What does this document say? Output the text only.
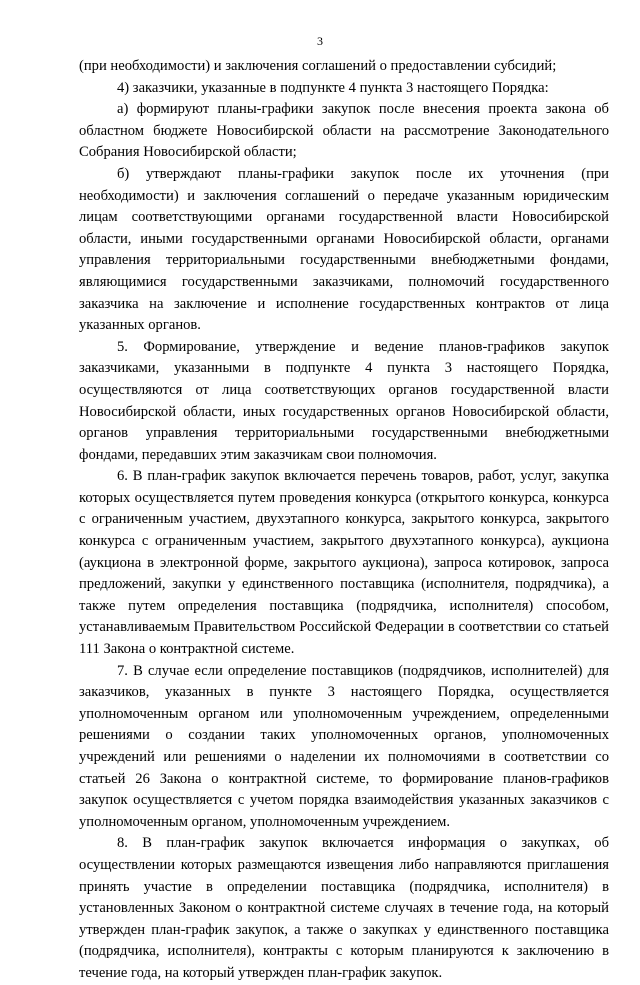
3

(при необходимости) и заключения соглашений о предоставлении субсидий;

4) заказчики, указанные в подпункте 4 пункта 3 настоящего Порядка:

а) формируют планы-графики закупок после внесения проекта закона об областном бюджете Новосибирской области на рассмотрение Законодательного Собрания Новосибирской области;

б) утверждают планы-графики закупок после их уточнения (при необходимости) и заключения соглашений о передаче указанным юридическим лицам соответствующими органами государственной власти Новосибирской области, иными государственными органами Новосибирской области, органами управления территориальными государственными внебюджетными фондами, являющимися государственными заказчиками, полномочий государственного заказчика на заключение и исполнение государственных контрактов от лица указанных органов.

5. Формирование, утверждение и ведение планов-графиков закупок заказчиками, указанными в подпункте 4 пункта 3 настоящего Порядка, осуществляются от лица соответствующих органов государственной власти Новосибирской области, иных государственных органов Новосибирской области, органов управления территориальными государственными внебюджетными фондами, передавших этим заказчикам свои полномочия.

6. В план-график закупок включается перечень товаров, работ, услуг, закупка которых осуществляется путем проведения конкурса (открытого конкурса, конкурса с ограниченным участием, двухэтапного конкурса, закрытого конкурса, закрытого конкурса с ограниченным участием, закрытого двухэтапного конкурса), аукциона (аукциона в электронной форме, закрытого аукциона), запроса котировок, запроса предложений, закупки у единственного поставщика (исполнителя, подрядчика), а также путем определения поставщика (подрядчика, исполнителя) способом, устанавливаемым Правительством Российской Федерации в соответствии со статьей 111 Закона о контрактной системе.

7. В случае если определение поставщиков (подрядчиков, исполнителей) для заказчиков, указанных в пункте 3 настоящего Порядка, осуществляется уполномоченным органом или уполномоченным учреждением, определенными решениями о создании таких уполномоченных органов, уполномоченных учреждений или решениями о наделении их полномочиями в соответствии со статьей 26 Закона о контрактной системе, то формирование планов-графиков закупок осуществляется с учетом порядка взаимодействия указанных заказчиков с уполномоченным органом, уполномоченным учреждением.

8. В план-график закупок включается информация о закупках, об осуществлении которых размещаются извещения либо направляются приглашения принять участие в определении поставщика (подрядчика, исполнителя) в установленных Законом о контрактной системе случаях в течение года, на который утвержден план-график закупок, а также о закупках у единственного поставщика (подрядчика, исполнителя), контракты с которым планируются к заключению в течение года, на который утвержден план-график закупок.
